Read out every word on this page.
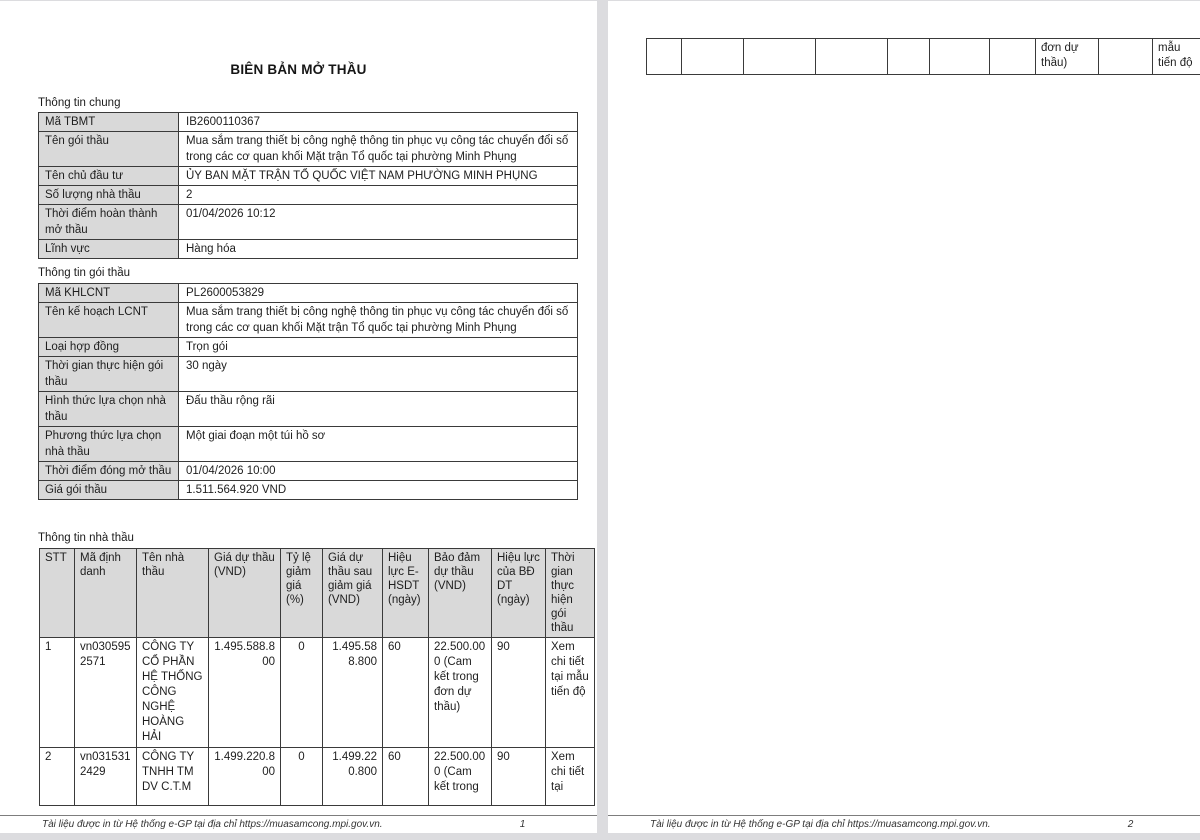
BIÊN BẢN MỞ THẦU
Thông tin chung
Mã TBMT	IB2600110367
Tên gói thầu	Mua sắm trang thiết bị công nghệ thông tin phục vụ công tác chuyển đổi số trong các cơ quan khối Mặt trận Tổ quốc tại phường Minh Phụng
Tên chủ đầu tư	ỦY BAN MẶT TRẬN TỔ QUỐC VIỆT NAM PHƯỜNG MINH PHỤNG
Số lượng nhà thầu	2
Thời điểm hoàn thành mở thầu	01/04/2026 10:12
Lĩnh vực	Hàng hóa
Thông tin gói thầu
Mã KHLCNT	PL2600053829
Tên kế hoạch LCNT	Mua sắm trang thiết bị công nghệ thông tin phục vụ công tác chuyển đổi số trong các cơ quan khối Mặt trận Tổ quốc tại phường Minh Phụng
Loại hợp đồng	Trọn gói
Thời gian thực hiện gói thầu	30 ngày
Hình thức lựa chọn nhà thầu	Đấu thầu rộng rãi
Phương thức lựa chọn nhà thầu	Một giai đoạn một túi hồ sơ
Thời điểm đóng mở thầu	01/04/2026 10:00
Giá gói thầu	1.511.564.920 VND
Thông tin nhà thầu
STT	Mã định danh	Tên nhà thầu	Giá dự thầu (VND)	Tỷ lệ giảm giá (%)	Giá dự thầu sau giảm giá (VND)	Hiệu lực E-HSDT (ngày)	Bảo đảm dự thầu (VND)	Hiệu lực của BĐ DT (ngày)	Thời gian thực hiện gói thầu
1	vn0305952571	CÔNG TY CỔ PHẦN HỆ THỐNG CÔNG NGHỆ HOÀNG HẢI	1.495.588.800	0	1.495.588.800	60	22.500.000 (Cam kết trong đơn dự thầu)	90	Xem chi tiết tại mẫu tiến độ
2	vn0315312429	CÔNG TY TNHH TM DV C.T.M	1.499.220.800	0	1.499.220.800	60	22.500.000 (Cam kết trong	90	Xem chi tiết tại
Tài liệu được in từ Hệ thống e-GP tại địa chỉ https://muasamcong.mpi.gov.vn.	1
							đơn dự thầu)		mẫu tiến độ
Tài liệu được in từ Hệ thống e-GP tại địa chỉ https://muasamcong.mpi.gov.vn.	2
